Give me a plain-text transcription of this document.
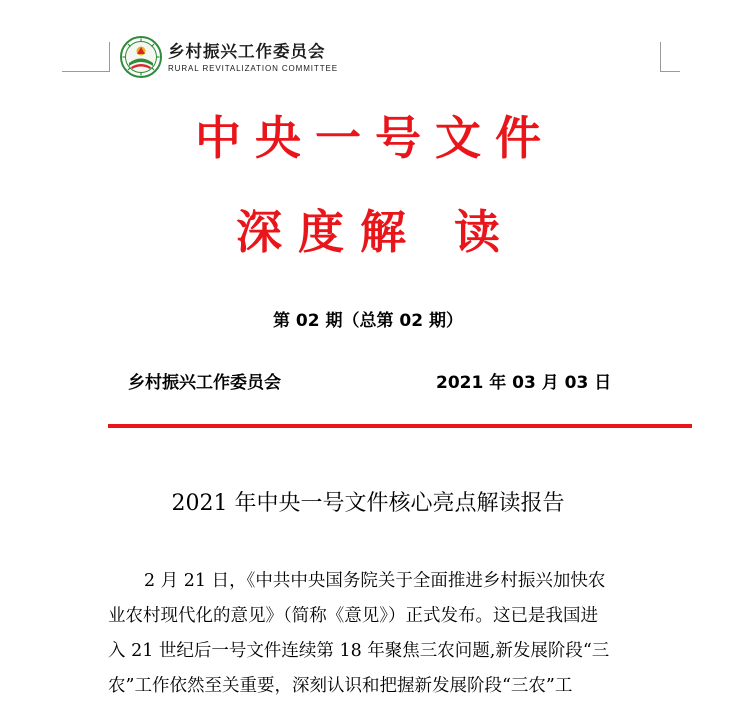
乡村振兴工作委员会
RURAL REVITALIZATION COMMITTEE
中央一号文件
深度解 读
第 02 期（总第 02 期）
乡村振兴工作委员会	2021 年 03 月 03 日
2021 年中央一号文件核心亮点解读报告
2 月 21 日，《中共中央国务院关于全面推进乡村振兴加快农
业农村现代化的意见》（简称《意见》）正式发布。这已是我国进
入 21 世纪后一号文件连续第 18 年聚焦三农问题,新发展阶段“三
农”工作依然至关重要，深刻认识和把握新发展阶段“三农”工
